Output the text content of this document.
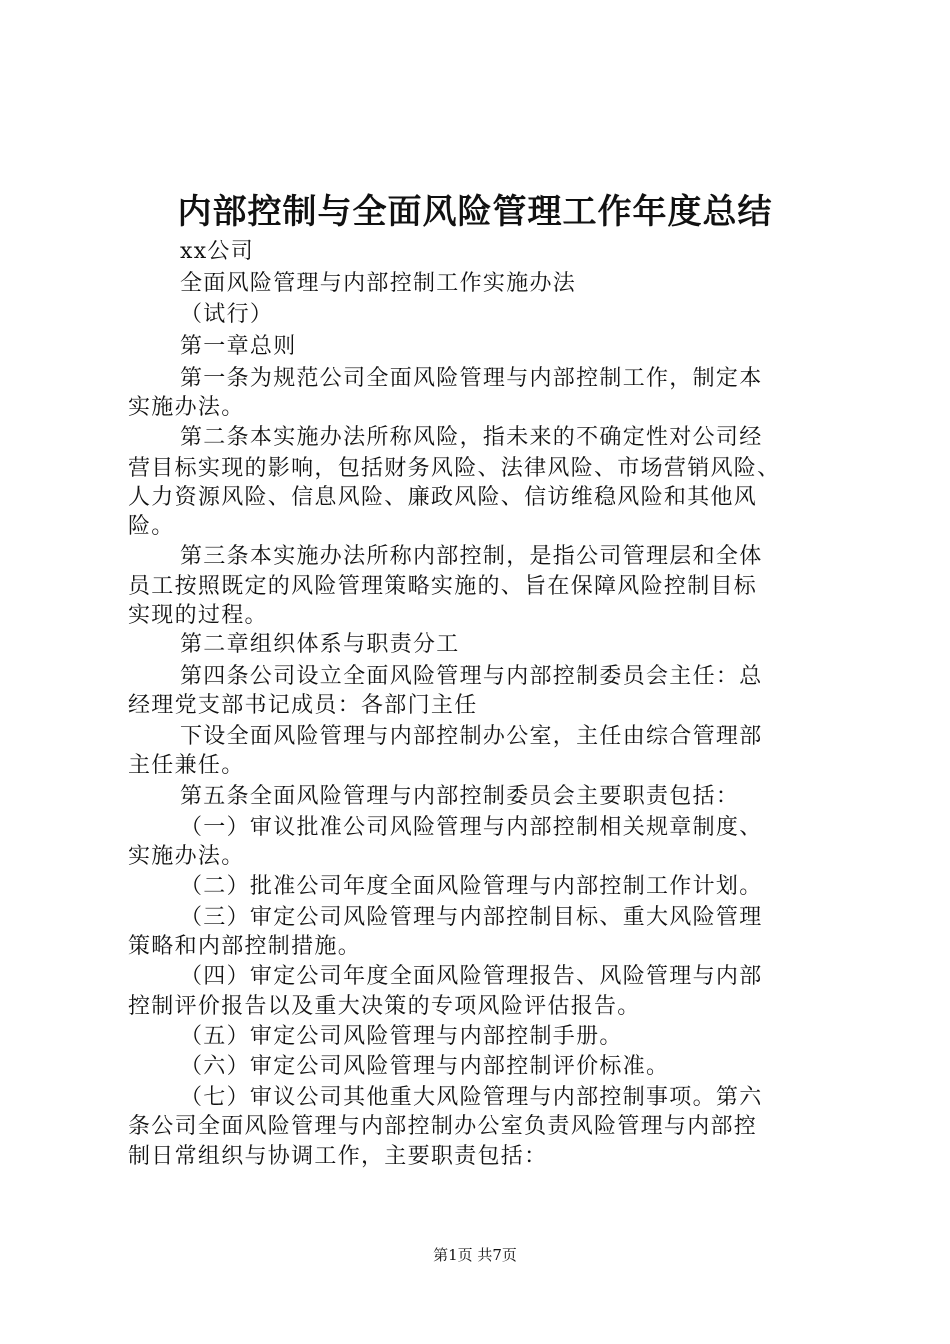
内部控制与全面风险管理工作年度总结
xx公司
全面风险管理与内部控制工作实施办法
（试行）
第一章总则
第一条为规范公司全面风险管理与内部控制工作，制定本
实施办法。
第二条本实施办法所称风险，指未来的不确定性对公司经
营目标实现的影响，包括财务风险、法律风险、市场营销风险、
人力资源风险、信息风险、廉政风险、信访维稳风险和其他风
险。
第三条本实施办法所称内部控制，是指公司管理层和全体
员工按照既定的风险管理策略实施的、旨在保障风险控制目标
实现的过程。
第二章组织体系与职责分工
第四条公司设立全面风险管理与内部控制委员会主任：总
经理党支部书记成员：各部门主任
下设全面风险管理与内部控制办公室，主任由综合管理部
主任兼任。
第五条全面风险管理与内部控制委员会主要职责包括：
（一）审议批准公司风险管理与内部控制相关规章制度、
实施办法。
（二）批准公司年度全面风险管理与内部控制工作计划。
（三）审定公司风险管理与内部控制目标、重大风险管理
策略和内部控制措施。
（四）审定公司年度全面风险管理报告、风险管理与内部
控制评价报告以及重大决策的专项风险评估报告。
（五）审定公司风险管理与内部控制手册。
（六）审定公司风险管理与内部控制评价标准。
（七）审议公司其他重大风险管理与内部控制事项。第六
条公司全面风险管理与内部控制办公室负责风险管理与内部控
制日常组织与协调工作，主要职责包括：
第1页 共7页
